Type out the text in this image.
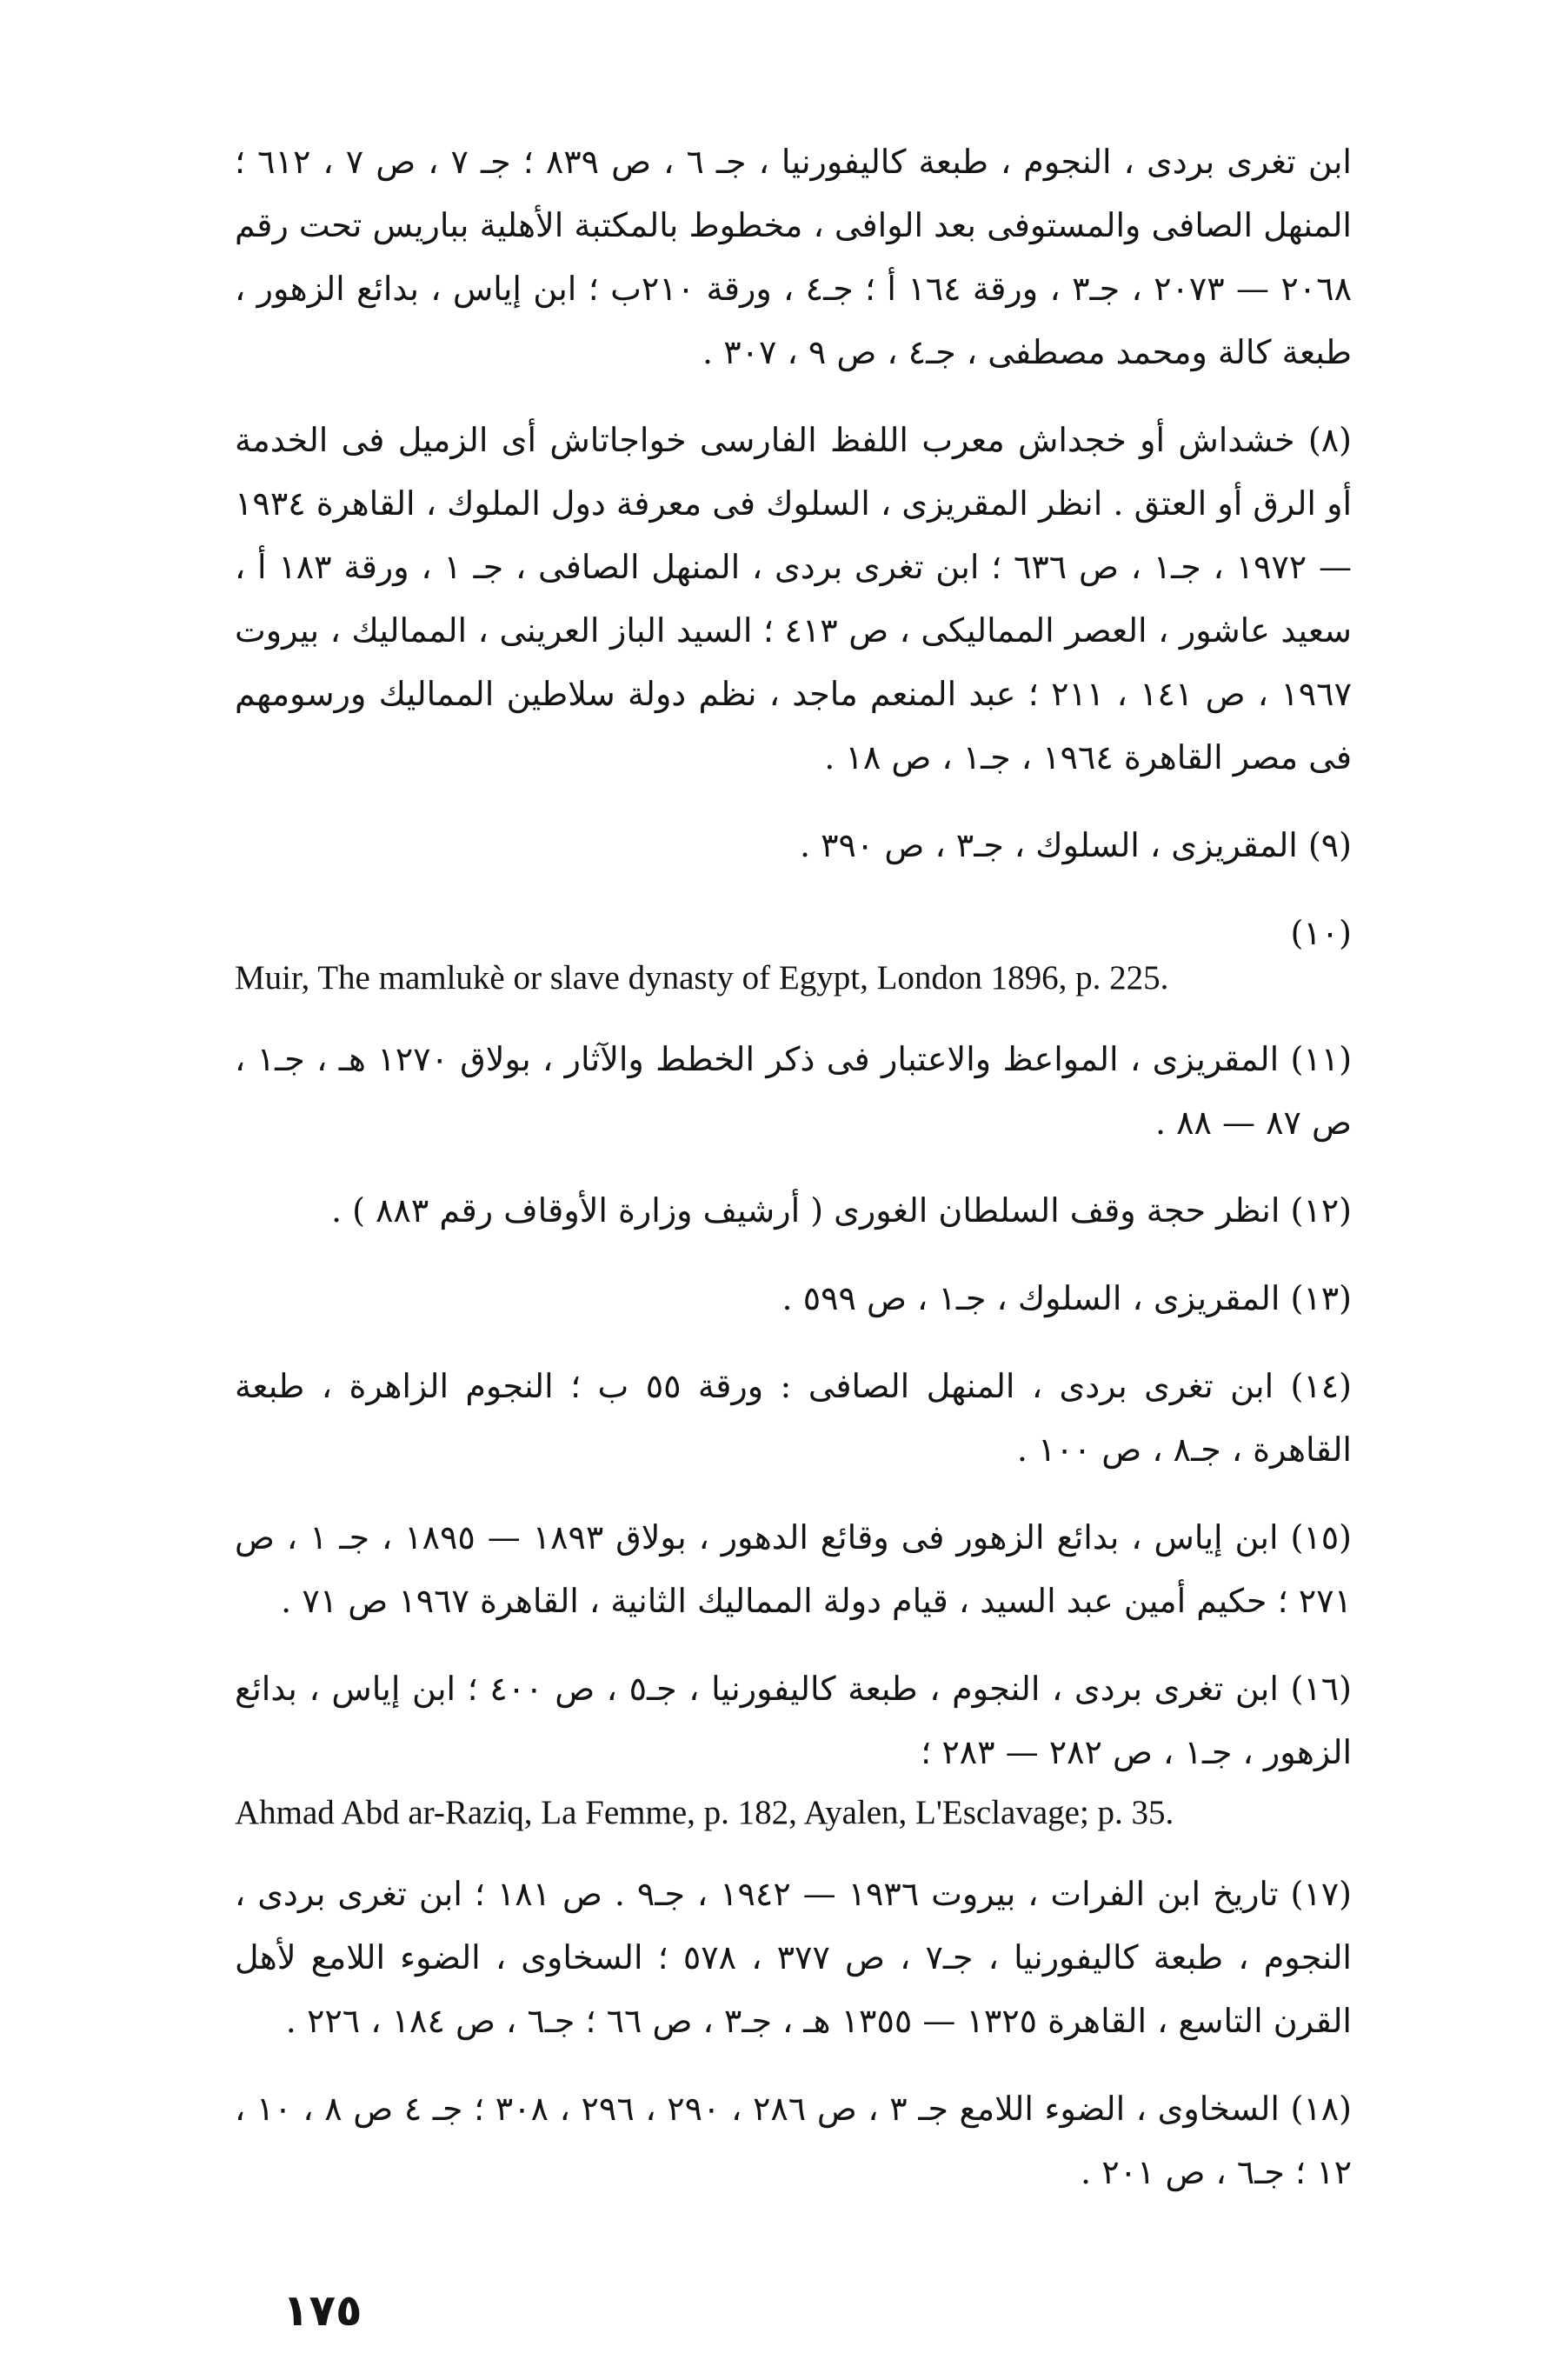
ابن تغرى بردى ، النجوم ، طبعة كاليفورنيا ، جـ ٦ ، ص ٨٣٩ ؛ جـ ٧ ، ص ٧ ، ٦١٢ ؛ المنهل الصافى والمستوفى بعد الوافى ، مخطوط بالمكتبة الأهلية بباريس تحت رقم ٢٠٦٨ — ٢٠٧٣ ، جـ٣ ، ورقة ١٦٤ أ ؛ جـ٤ ، ورقة ٢١٠ب ؛ ابن إياس ، بدائع الزهور ، طبعة كالة ومحمد مصطفى ، جـ٤ ، ص ٩ ، ٣٠٧ .
(٨) خشداش أو خجداش معرب اللفظ الفارسى خواجاتاش أى الزميل فى الخدمة أو الرق أو العتق . انظر المقريزى ، السلوك فى معرفة دول الملوك ، القاهرة ١٩٣٤ — ١٩٧٢ ، جـ١ ، ص ٦٣٦ ؛ ابن تغرى بردى ، المنهل الصافى ، جـ ١ ، ورقة ١٨٣ أ ، سعيد عاشور ، العصر المماليكى ، ص ٤١٣ ؛ السيد الباز العرينى ، المماليك ، بيروت ١٩٦٧ ، ص ١٤١ ، ٢١١ ؛ عبد المنعم ماجد ، نظم دولة سلاطين المماليك ورسومهم فى مصر القاهرة ١٩٦٤ ، جـ١ ، ص ١٨ .
(٩) المقريزى ، السلوك ، جـ٣ ، ص ٣٩٠ .
(١٠)
Muir, The mamlukè or slave dynasty of Egypt, London 1896, p. 225.
(١١) المقريزى ، المواعظ والاعتبار فى ذكر الخطط والآثار ، بولاق ١٢٧٠ هـ ، جـ١ ، ص ٨٧ — ٨٨ .
(١٢) انظر حجة وقف السلطان الغورى ( أرشيف وزارة الأوقاف رقم ٨٨٣ ) .
(١٣) المقريزى ، السلوك ، جـ١ ، ص ٥٩٩ .
(١٤) ابن تغرى بردى ، المنهل الصافى : ورقة ٥٥ ب ؛ النجوم الزاهرة ، طبعة القاهرة ، جـ٨ ، ص ١٠٠ .
(١٥) ابن إياس ، بدائع الزهور فى وقائع الدهور ، بولاق ١٨٩٣ — ١٨٩٥ ، جـ ١ ، ص ٢٧١ ؛ حكيم أمين عبد السيد ، قيام دولة المماليك الثانية ، القاهرة ١٩٦٧ ص ٧١ .
(١٦) ابن تغرى بردى ، النجوم ، طبعة كاليفورنيا ، جـ٥ ، ص ٤٠٠ ؛ ابن إياس ، بدائع الزهور ، جـ١ ، ص ٢٨٢ — ٢٨٣ ؛
Ahmad Abd ar-Raziq, La Femme, p. 182, Ayalen, L'Esclavage; p. 35.
(١٧) تاريخ ابن الفرات ، بيروت ١٩٣٦ — ١٩٤٢ ، جـ٩ . ص ١٨١ ؛ ابن تغرى بردى ، النجوم ، طبعة كاليفورنيا ، جـ٧ ، ص ٣٧٧ ، ٥٧٨ ؛ السخاوى ، الضوء اللامع لأهل القرن التاسع ، القاهرة ١٣٢٥ — ١٣٥٥ هـ ، جـ٣ ، ص ٦٦ ؛ جـ٦ ، ص ١٨٤ ، ٢٢٦ .
(١٨) السخاوى ، الضوء اللامع جـ ٣ ، ص ٢٨٦ ، ٢٩٠ ، ٢٩٦ ، ٣٠٨ ؛ جـ ٤ ص ٨ ، ١٠ ، ١٢ ؛ جـ٦ ، ص ٢٠١ .
١٧٥
